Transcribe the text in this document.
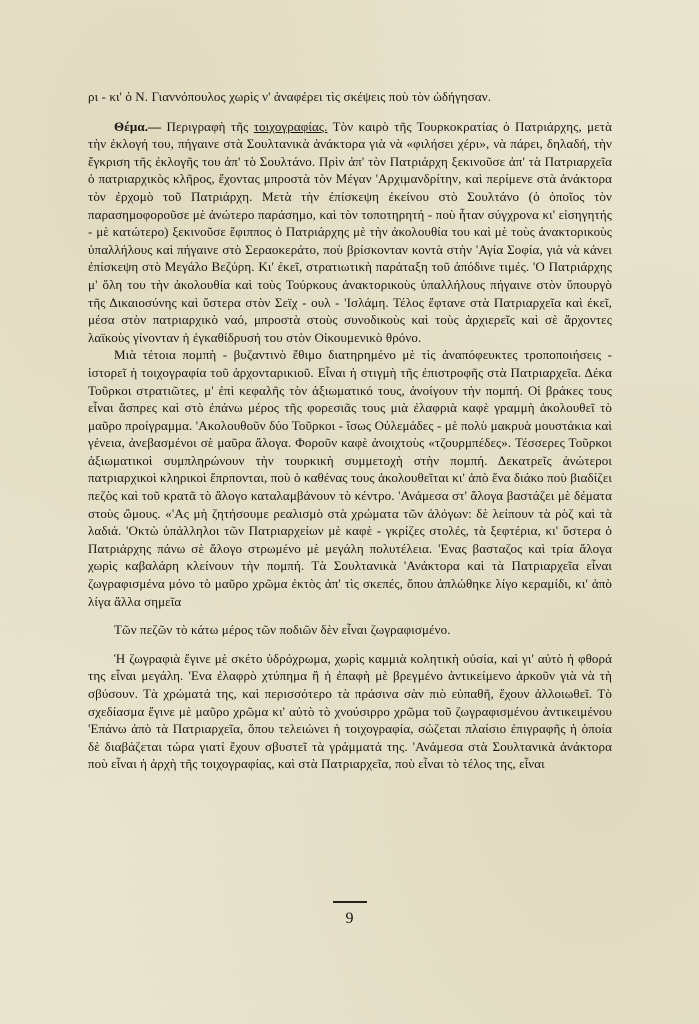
ρι - κι' ὁ Ν. Γιαννόπουλος χωρὶς ν' ἀναφέρει τὶς σκέψεις ποὺ τὸν ὡδήγησαν.

Θέμα.— Περιγραφὴ τῆς τοιχογραφίας. Τὸν καιρὸ τῆς Τουρκοκρατίας ὁ Πατριάρχης, μετὰ τὴν ἐκλογή του, πήγαινε στὰ Σουλτανικὰ ἀνάκτορα γιὰ νὰ «φιλήσει χέρι», νὰ πάρει, δηλαδή, τὴν ἔγκριση τῆς ἐκλογῆς του ἀπ' τὸ Σουλτάνο. Πρὶν ἀπ' τὸν Πατριάρχη ξεκινοῦσε ἀπ' τὰ Πατριαρχεῖα ὁ πατριαρχικὸς κλῆρος, ἔχοντας μπροστὰ τὸν Μέγαν 'Αρχιμανδρίτην, καὶ περίμενε στὰ ἀνάκτορα τὸν ἐρχομὸ τοῦ Πατριάρχη. Μετὰ τὴν ἐπίσκεψη ἐκείνου στὸ Σουλτάνο (ὁ ὁποῖος τὸν παρασημοφοροῦσε μὲ ἀνώτερο παράσημο, καὶ τὸν τοποτηρητή - ποὺ ἦταν σύγχρονα κι' εἰσηγητής - μὲ κατώτερο) ξεκινοῦσε ἔφιππος ὁ Πατριάρχης μὲ τὴν ἀκολουθία του καὶ μὲ τοὺς ἀνακτορικοὺς ὑπαλλήλους καὶ πήγαινε στὸ Σεραοκεράτο, ποὺ βρίσκονταν κοντὰ στὴν 'Αγία Σοφία, γιὰ νὰ κάνει ἐπίσκεψη στὸ Μεγάλο Βεζύρη. Κι' ἐκεῖ, στρατιωτικὴ παράταξη τοῦ ἀπόδινε τιμές. 'Ο Πατριάρχης μ' ὅλη του τὴν ἀκολουθία καὶ τοὺς Τούρκους ἀνακτορικοὺς ὑπαλλήλους πήγαινε στὸν ὕπουργὸ τῆς Δικαιοσύνης καὶ ὕστερα στὸν Σεϊχ - ουλ - 'Ισλάμη. Τέλος ἔφτανε στὰ Πατριαρχεῖα καὶ ἐκεῖ, μέσα στὸν πατριαρχικὸ ναό, μπροστὰ στοὺς συνοδικοὺς καὶ τοὺς ἀρχιερεῖς καὶ σὲ ἄρχοντες λαϊκοὺς γίνονταν ἡ ἐγκαθίδρυσή του στὸν Οἰκουμενικὸ θρόνο.

Μιὰ τέτοια πομπὴ - βυζαντινὸ ἔθιμο διατηρημένο μὲ τὶς ἀναπόφευκτες τροποποιήσεις - ἱστορεῖ ἡ τοιχογραφία τοῦ ἀρχονταρικιοῦ. Εἶναι ἡ στιγμὴ τῆς ἐπιστροφῆς στὰ Πατριαρχεῖα. Δέκα Τοῦρκοι στρατιῶτες, μ' ἐπὶ κεφαλῆς τὸν ἀξιωματικό τους, ἀνοίγουν τὴν πομπή. Οἱ βράκες τους εἶναι ἄσπρες καὶ στὸ ἐπάνω μέρος τῆς φορεσιᾶς τους μιὰ ἐλαφριὰ καφὲ γραμμὴ ἀκολουθεῖ τὸ μαῦρο προίγραμμα. 'Ακολουθοῦν δύο Τοῦρκοι - ἴσως Οὐλεμάδες - μὲ πολὺ μακρυὰ μουστάκια καὶ γένεια, ἀνεβασμένοι σὲ μαῦρα ἄλογα. Φοροῦν καφὲ ἀνοιχτοὺς «τζουρμπέδες». Τέσσερες Τοῦρκοι ἀξιωματικοὶ συμπληρώνουν τὴν τουρκικὴ συμμετοχὴ στὴν πομπή. Δεκατρεῖς ἀνώτεροι πατριαρχικοὶ κληρικοὶ ἕπρπονται, ποὺ ὁ καθένας τους ἀκολουθεῖται κι' ἀπὸ ἕνα διάκο ποὺ βιαδίζει πεζὸς καὶ τοῦ κρατᾶ τὸ ἄλογο καταλαμβάνουν τὸ κέντρο. 'Ανάμεσα στ' ἄλογα βαστάζει μὲ δέματα στοὺς ὤμους. «'Ας μὴ ζητήσουμε ρεαλισμὸ στὰ χρώματα τῶν ἀλόγων: δὲ λείπουν τὰ ρὸζ καὶ τὰ λαδιά. 'Οκτὼ ὑπάλληλοι τῶν Πατριαρχείων μὲ καφὲ - γκρίζες στολές, τὰ ξεφτέρια, κι' ὕστερα ὁ Πατριάρχης πάνω σὲ ἄλογο στρωμένο μὲ μεγάλη πολυτέλεια. 'Ενας βασταζος καὶ τρία ἄλογα χωρὶς καβαλάρη κλείνουν τὴν πομπή. Τὰ Σουλτανικὰ 'Ανάκτορα καὶ τὰ Πατριαρχεῖα εἶναι ζωγραφισμένα μόνο τὸ μαῦρο χρῶμα ἐκτὸς ἀπ' τὶς σκεπές, ὅπου ἁπλώθηκε λίγο κεραμίδι, κι' ἀπὸ λίγα ἄλλα σημεῖα

Τῶν πεζῶν τὸ κάτω μέρος τῶν ποδιῶν δὲν εἶναι ζωγραφισμένο.

Ἡ ζωγραφιὰ ἔγινε μὲ σκέτο ὑδρόχρωμα, χωρὶς καμμιὰ κολητικὴ οὐσία, καὶ γι' αὐτὸ ἡ φθορά της εἶναι μεγάλη. 'Ενα ἐλαφρὸ χτύπημα ἢ ἡ ἐπαφὴ μὲ βρεγμένο ἀντικείμενο ἀρκοῦν γιὰ νὰ τὴ σβύσουν. Τὰ χρώματά της, καὶ περισσότερο τὰ πράσινα σὰν πιὸ εὐπαθῆ, ἔχουν ἀλλοιωθεῖ. Τὸ σχεδίασμα ἔγινε μὲ μαῦρο χρῶμα κι' αὐτὸ τὸ χνούσιρρο χρῶμα τοῦ ζωγραφισμένου ἀντικειμένου 'Επάνω ἀπὸ τὰ Πατριαρχεῖα, ὅπου τελειώνει ἡ τοιχογραφία, σώζεται πλαίσιο ἐπιγραφῆς ἡ ὁποία δὲ διαβάζεται τώρα γιατί ἔχουν σβυστεῖ τὰ γράμματά της. 'Ανάμεσα στὰ Σουλτανικὰ ἀνάκτορα ποὺ εἶναι ἡ ἀρχὴ τῆς τοιχογραφίας, καὶ στὰ Πατριαρχεῖα, ποὺ εἶναι τὸ τέλος της, εἶναι

9
